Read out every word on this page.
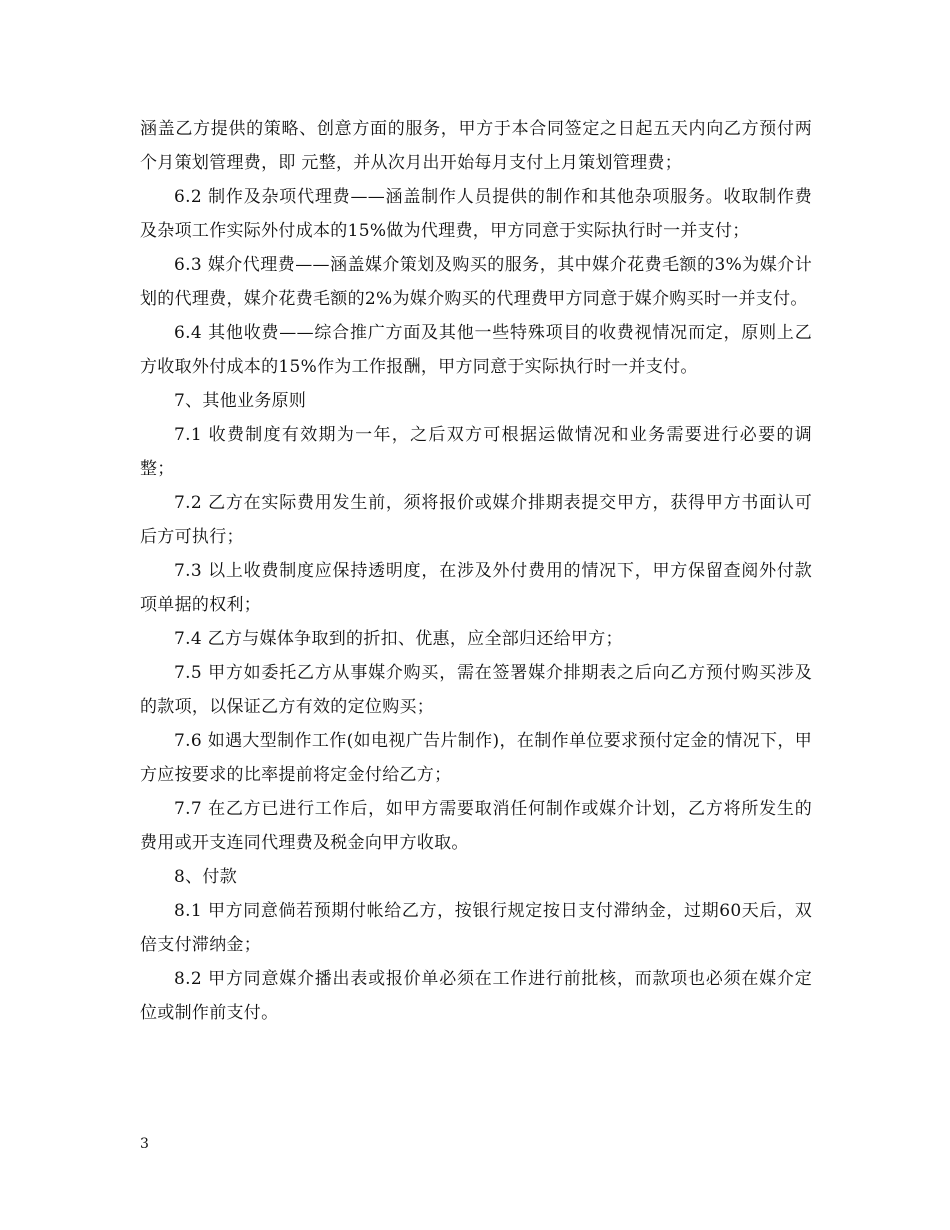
涵盖乙方提供的策略、创意方面的服务，甲方于本合同签定之日起五天内向乙方预付两个月策划管理费，即 元整，并从次月出开始每月支付上月策划管理费；

6.2 制作及杂项代理费——涵盖制作人员提供的制作和其他杂项服务。收取制作费及杂项工作实际外付成本的15%做为代理费，甲方同意于实际执行时一并支付；

6.3 媒介代理费——涵盖媒介策划及购买的服务，其中媒介花费毛额的3%为媒介计划的代理费，媒介花费毛额的2%为媒介购买的代理费甲方同意于媒介购买时一并支付。

6.4 其他收费——综合推广方面及其他一些特殊项目的收费视情况而定，原则上乙方收取外付成本的15%作为工作报酬，甲方同意于实际执行时一并支付。

7、其他业务原则

7.1 收费制度有效期为一年，之后双方可根据运做情况和业务需要进行必要的调整；

7.2 乙方在实际费用发生前，须将报价或媒介排期表提交甲方，获得甲方书面认可后方可执行；

7.3 以上收费制度应保持透明度，在涉及外付费用的情况下，甲方保留查阅外付款项单据的权利；

7.4 乙方与媒体争取到的折扣、优惠，应全部归还给甲方；

7.5 甲方如委托乙方从事媒介购买，需在签署媒介排期表之后向乙方预付购买涉及的款项，以保证乙方有效的定位购买；

7.6 如遇大型制作工作(如电视广告片制作)，在制作单位要求预付定金的情况下，甲方应按要求的比率提前将定金付给乙方；

7.7 在乙方已进行工作后，如甲方需要取消任何制作或媒介计划，乙方将所发生的费用或开支连同代理费及税金向甲方收取。

8、付款

8.1 甲方同意倘若预期付帐给乙方，按银行规定按日支付滞纳金，过期60天后，双倍支付滞纳金；

8.2 甲方同意媒介播出表或报价单必须在工作进行前批核，而款项也必须在媒介定位或制作前支付。

3
